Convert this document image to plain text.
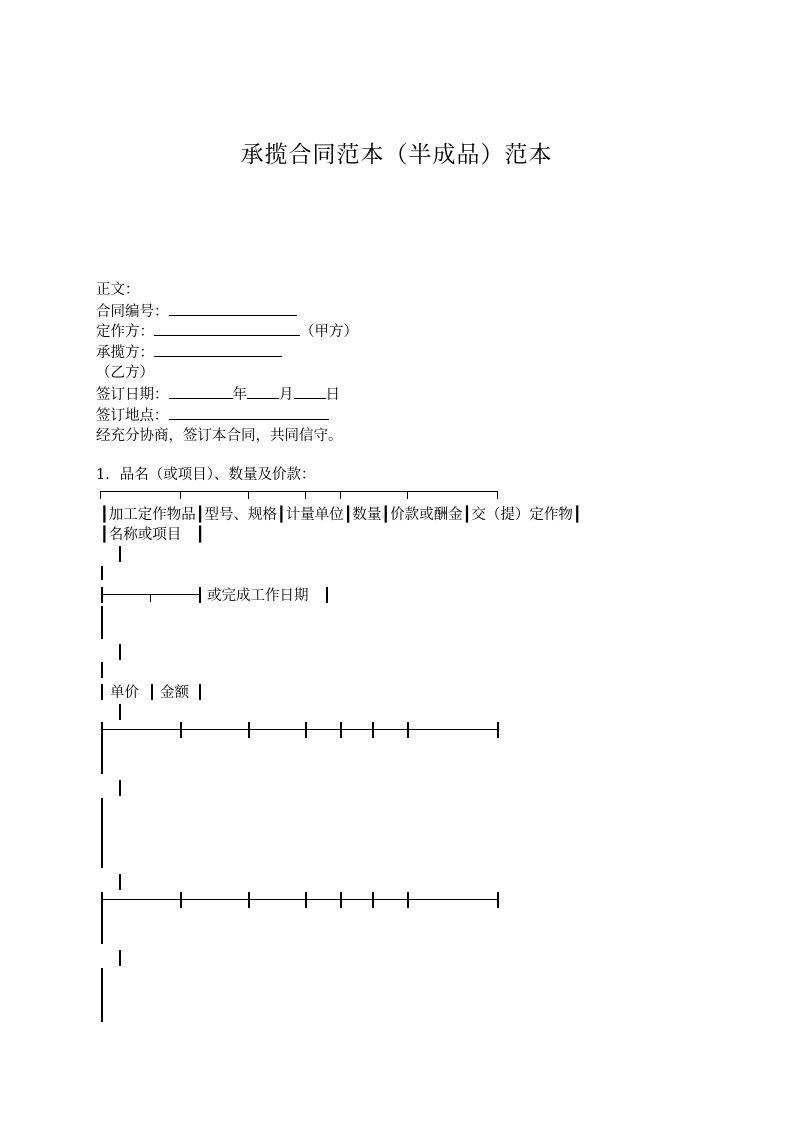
承揽合同范本（半成品）范本
正文：
合同编号：
定作方：	（甲方）
承揽方：
（乙方）
签订日期：	年 月 日
签订地点：
经充分协商，签订本合同，共同信守。
1．品名（或项目）、数量及价款：
┃加工定作物品┃型号、规格┃计量单位┃数量┃价款或酬金┃交（提）定作物┃
┃名称或项目　┃
或完成工作日期
单价 金额
